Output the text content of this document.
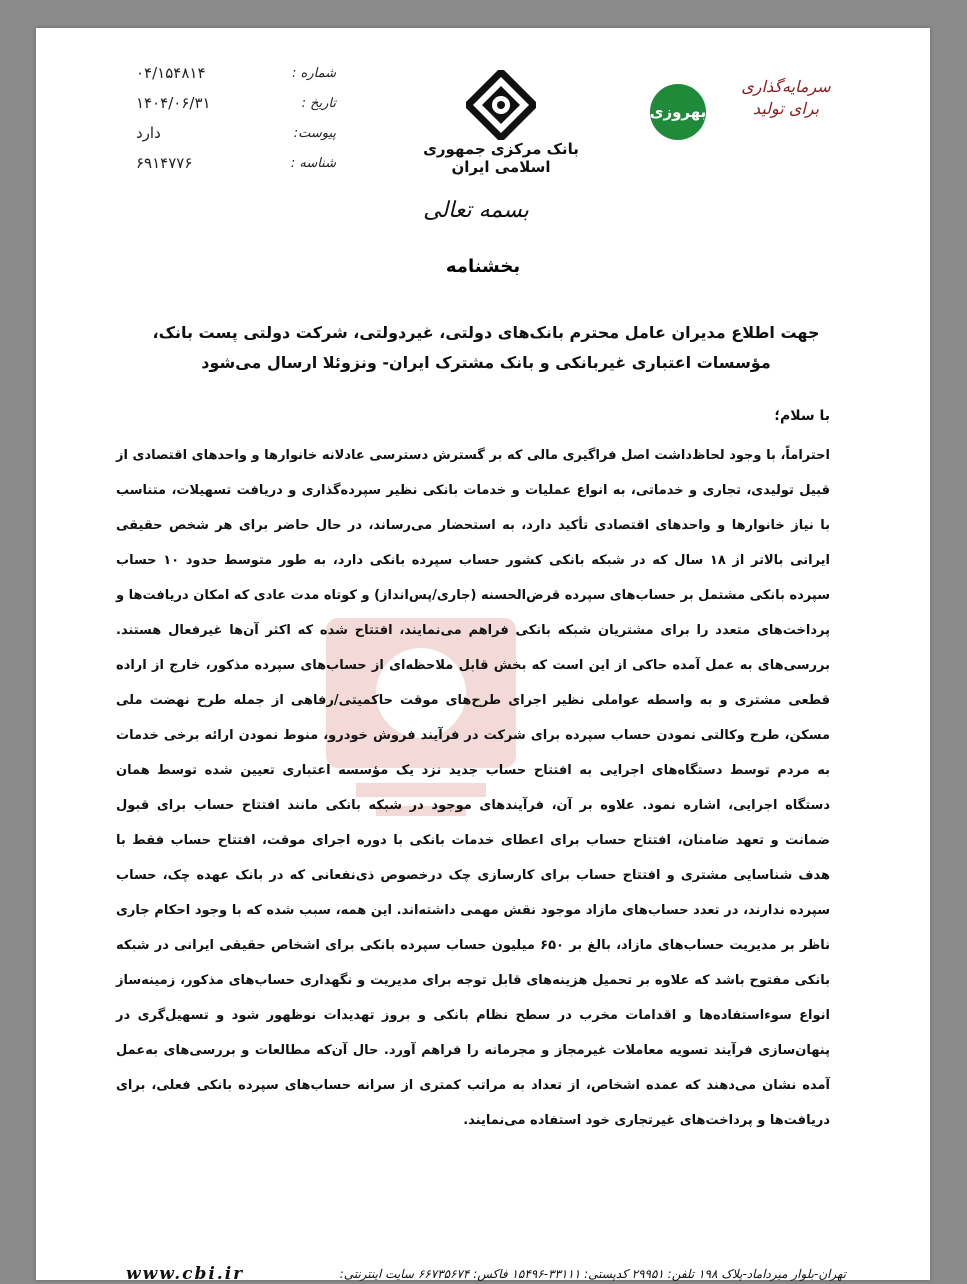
شماره :
۰۴/۱۵۴۸۱۴
تاریخ :
۱۴۰۴/۰۶/۳۱
پیوست:
دارد
شناسه :
۶۹۱۴۷۷۶
بانک مرکزی جمهوری اسلامی ایران
بهروزی
سرمایه‌گذاری برای تولید
بسمه تعالی
بخشنامه
جهت اطلاع مدیران عامل محترم بانک‌های دولتی، غیردولتی، شرکت دولتی پست بانک، مؤسسات اعتباری غیربانکی و بانک مشترک ایران- ونزوئلا ارسال می‌شود
با سلام؛
احتراماً، با وجود لحاظ‌داشت اصل فراگیری مالی که بر گسترش دسترسی عادلانه خانوارها و واحدهای اقتصادی از قبیل تولیدی، تجاری و خدماتی، به انواع عملیات و خدمات بانکی نظیر سپرده‌گذاری و دریافت تسهیلات، متناسب با نیاز خانوارها و واحدهای اقتصادی تأکید دارد، به استحضار می‌رساند، در حال حاضر برای هر شخص حقیقی ایرانی بالاتر از ۱۸ سال که در شبکه بانکی کشور حساب سپرده بانکی دارد، به طور متوسط حدود ۱۰ حساب سپرده بانکی مشتمل بر حساب‌های سپرده قرض‌الحسنه (جاری/پس‌انداز) و کوتاه مدت عادی که امکان دریافت‌ها و پرداخت‌های متعدد را برای مشتریان شبکه بانکی فراهم می‌نمایند، افتتاح شده که اکثر آن‌ها غیرفعال هستند. بررسی‌های به عمل آمده حاکی از این است که بخش قابل ملاحظه‌ای از حساب‌های سپرده مذکور، خارج از اراده قطعی مشتری و به واسطه عواملی نظیر اجرای طرح‌های موقت حاکمیتی/رفاهی از جمله طرح نهضت ملی مسکن، طرح وکالتی نمودن حساب سپرده برای شرکت در فرآیند فروش خودرو، منوط نمودن ارائه برخی خدمات به مردم توسط دستگاه‌های اجرایی به افتتاح حساب جدید نزد یک مؤسسه اعتباری تعیین شده توسط همان دستگاه اجرایی، اشاره نمود. علاوه بر آن، فرآیندهای موجود در شبکه بانکی مانند افتتاح حساب برای قبول ضمانت و تعهد ضامنان، افتتاح حساب برای اعطای خدمات بانکی با دوره اجرای موقت، افتتاح حساب فقط با هدف شناسایی مشتری و افتتاح حساب برای کارسازی چک درخصوص ذی‌نفعانی که در بانک عهده چک، حساب سپرده ندارند، در تعدد حساب‌های مازاد موجود نقش مهمی داشته‌اند. این همه، سبب شده که با وجود احکام جاری ناظر بر مدیریت حساب‌های مازاد، بالغ بر ۶۵۰ میلیون حساب سپرده بانکی برای اشخاص حقیقی ایرانی در شبکه بانکی مفتوح باشد که علاوه بر تحمیل هزینه‌های قابل توجه برای مدیریت و نگهداری حساب‌های مذکور، زمینه‌ساز انواع سوءاستفاده‌ها و اقدامات مخرب در سطح نظام بانکی و بروز تهدیدات نوظهور شود و تسهیل‌گری در پنهان‌سازی فرآیند تسویه معاملات غیرمجاز و مجرمانه را فراهم آورد. حال آن‌که مطالعات و بررسی‌های به‌عمل آمده نشان می‌دهند که عمده اشخاص، از تعداد به مراتب کمتری از سرانه حساب‌های سپرده بانکی فعلی، برای دریافت‌ها و پرداخت‌های غیرتجاری خود استفاده می‌نمایند.
تهران-بلوار میرداماد-پلاک ۱۹۸ تلفن: ۲۹۹۵۱ کدپستی: ۳۳۱۱۱-۱۵۴۹۶ فاکس: ۶۶۷۳۵۶۷۴ سایت اینترنتی:
www.cbi.ir
